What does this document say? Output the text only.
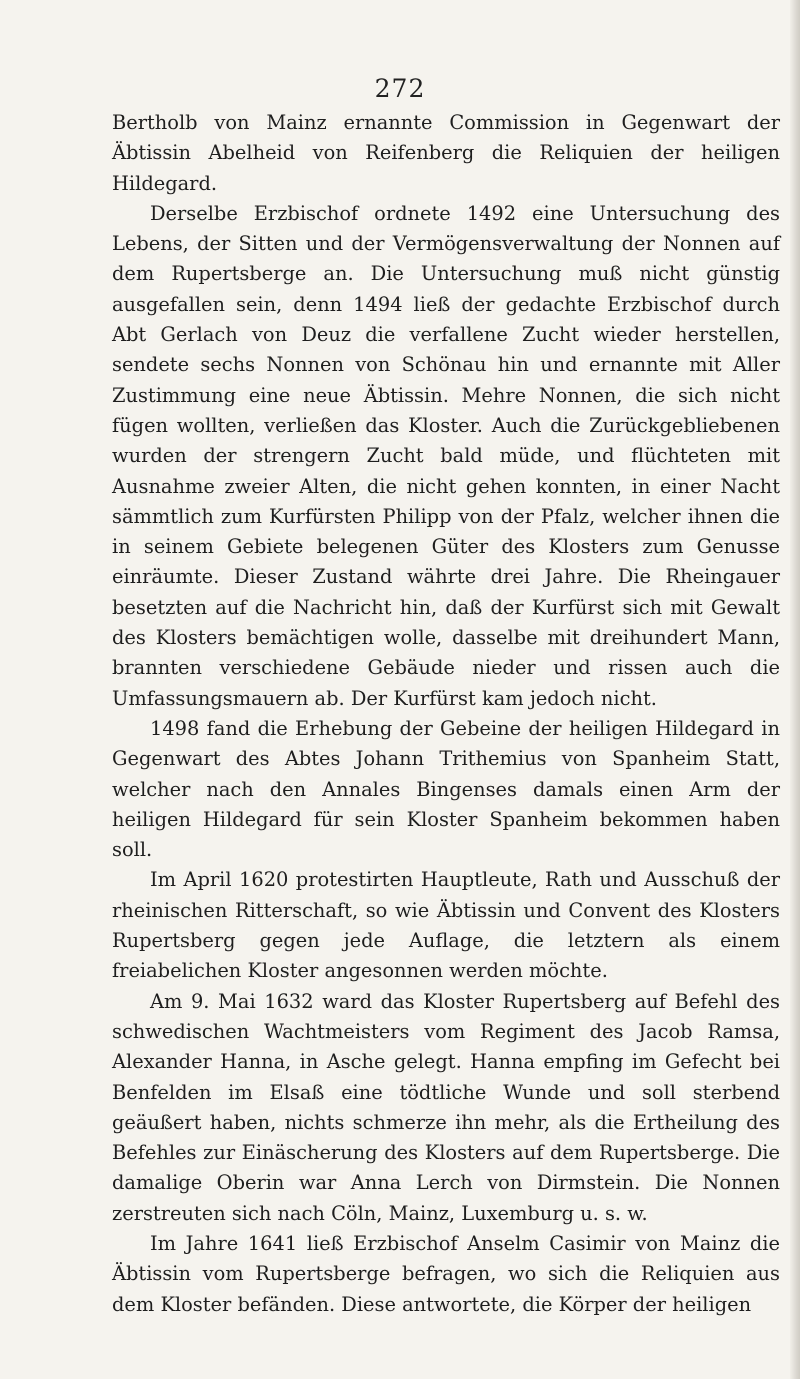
272

Bertholb von Mainz ernannte Commission in Gegenwart der Äbtissin Abelheid von Reifenberg die Reliquien der heiligen Hildegard.

Derselbe Erzbischof ordnete 1492 eine Untersuchung des Lebens, der Sitten und der Vermögensverwaltung der Nonnen auf dem Rupertsberge an. Die Untersuchung muß nicht günstig ausgefallen sein, denn 1494 ließ der gedachte Erzbischof durch Abt Gerlach von Deuz die verfallene Zucht wieder herstellen, sendete sechs Nonnen von Schönau hin und ernannte mit Aller Zustimmung eine neue Äbtissin. Mehre Nonnen, die sich nicht fügen wollten, verließen das Kloster. Auch die Zurückgebliebenen wurden der strengern Zucht bald müde, und flüchteten mit Ausnahme zweier Alten, die nicht gehen konnten, in einer Nacht sämmtlich zum Kurfürsten Philipp von der Pfalz, welcher ihnen die in seinem Gebiete belegenen Güter des Klosters zum Genusse einräumte. Dieser Zustand währte drei Jahre. Die Rheingauer besetzten auf die Nachricht hin, daß der Kurfürst sich mit Gewalt des Klosters bemächtigen wolle, dasselbe mit dreihundert Mann, brannten verschiedene Gebäude nieder und rissen auch die Umfassungsmauern ab. Der Kurfürst kam jedoch nicht.

1498 fand die Erhebung der Gebeine der heiligen Hildegard in Gegenwart des Abtes Johann Trithemius von Spanheim Statt, welcher nach den Annales Bingenses damals einen Arm der heiligen Hildegard für sein Kloster Spanheim bekommen haben soll.

Im April 1620 protestirten Hauptleute, Rath und Ausschuß der rheinischen Ritterschaft, so wie Äbtissin und Convent des Klosters Rupertsberg gegen jede Auflage, die letztern als einem freiabelichen Kloster angesonnen werden möchte.

Am 9. Mai 1632 ward das Kloster Rupertsberg auf Befehl des schwedischen Wachtmeisters vom Regiment des Jacob Ramsa, Alexander Hanna, in Asche gelegt. Hanna empfing im Gefecht bei Benfelden im Elsaß eine tödtliche Wunde und soll sterbend geäußert haben, nichts schmerze ihn mehr, als die Ertheilung des Befehles zur Einäscherung des Klosters auf dem Rupertsberge. Die damalige Oberin war Anna Lerch von Dirmstein. Die Nonnen zerstreuten sich nach Cöln, Mainz, Luxemburg u. s. w.

Im Jahre 1641 ließ Erzbischof Anselm Casimir von Mainz die Äbtissin vom Rupertsberge befragen, wo sich die Reliquien aus dem Kloster befänden. Diese antwortete, die Körper der heiligen
